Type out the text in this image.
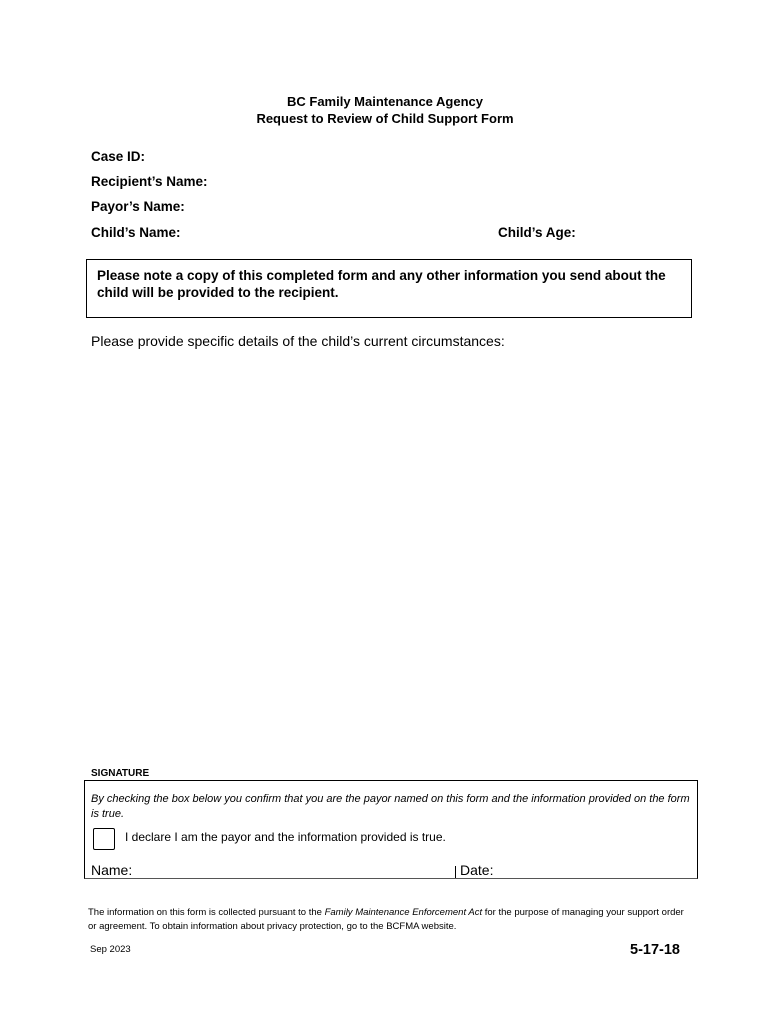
BC Family Maintenance Agency
Request to Review of Child Support Form
Case ID:
Recipient’s Name:
Payor’s Name:
Child’s Name:	Child’s Age:
Please note a copy of this completed form and any other information you send about the child will be provided to the recipient.
Please provide specific details of the child’s current circumstances:
SIGNATURE
By checking the box below you confirm that you are the payor named on this form and the information provided on the form is true.
I declare I am the payor and the information provided is true.
Name:	Date:
The information on this form is collected pursuant to the Family Maintenance Enforcement Act for the purpose of managing your support order or agreement. To obtain information about privacy protection, go to the BCFMA website.
Sep 2023	5-17-18
